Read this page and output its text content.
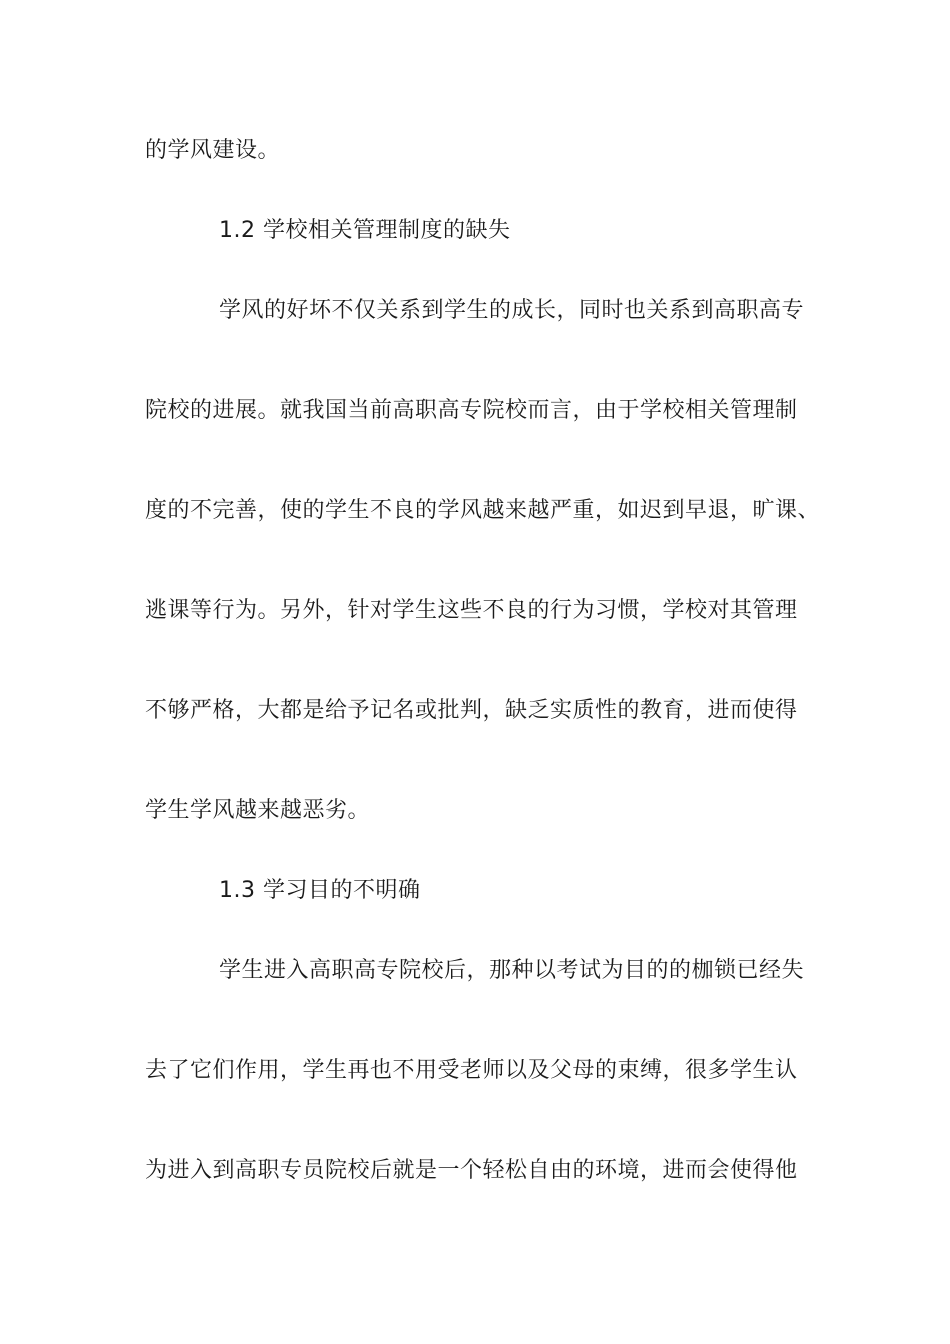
的学风建设。
1.2 学校相关管理制度的缺失
学风的好坏不仅关系到学生的成长，同时也关系到高职高专
院校的进展。就我国当前高职高专院校而言，由于学校相关管理制
度的不完善，使的学生不良的学风越来越严重，如迟到早退，旷课、
逃课等行为。另外，针对学生这些不良的行为习惯，学校对其管理
不够严格，大都是给予记名或批判，缺乏实质性的教育，进而使得
学生学风越来越恶劣。
1.3 学习目的不明确
学生进入高职高专院校后，那种以考试为目的的枷锁已经失
去了它们作用，学生再也不用受老师以及父母的束缚，很多学生认
为进入到高职专员院校后就是一个轻松自由的环境，进而会使得他
